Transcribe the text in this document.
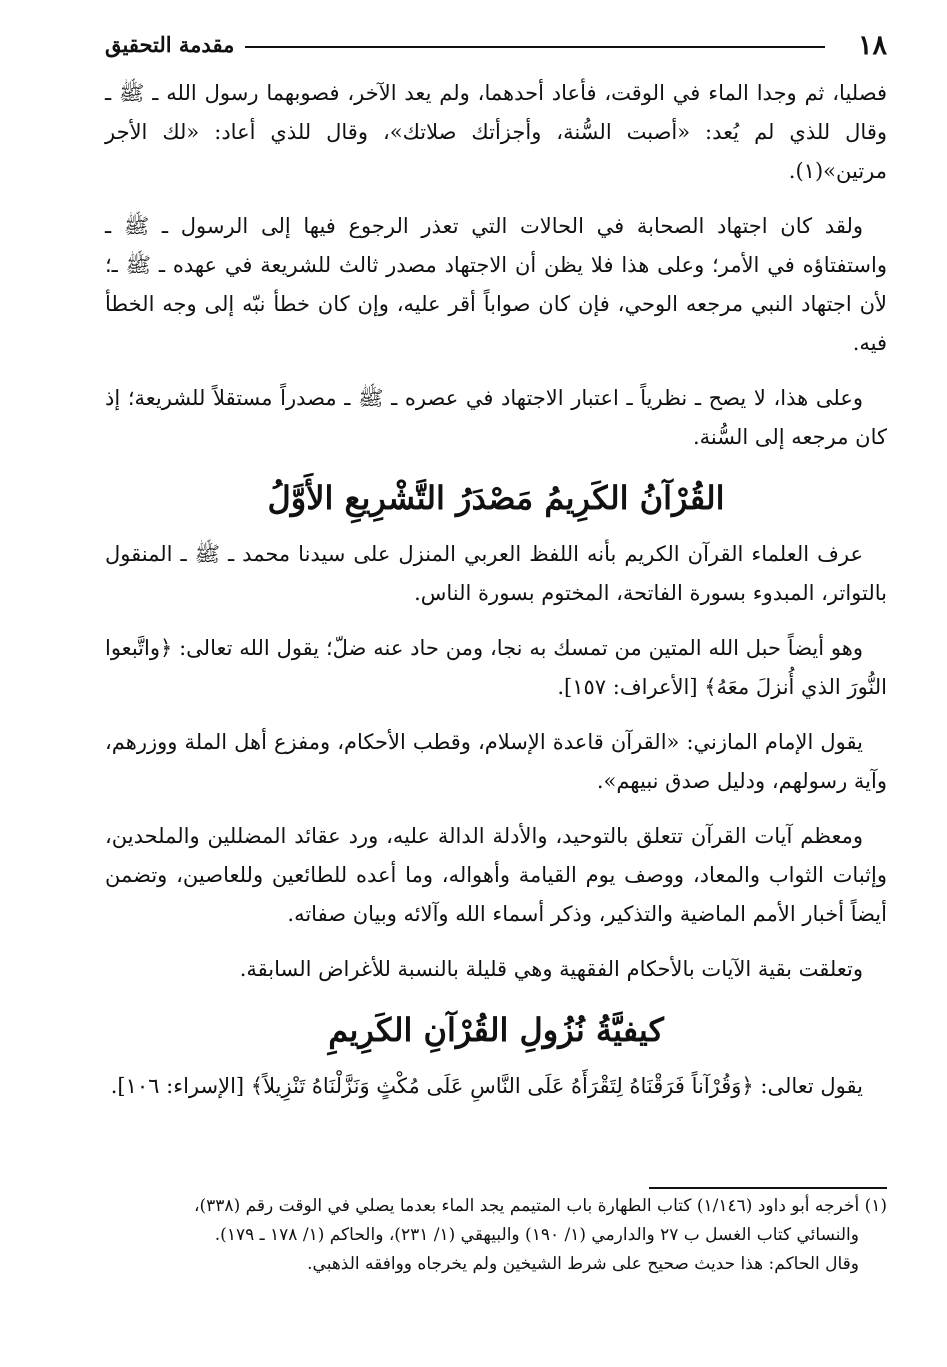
١٨
مقدمة التحقيق

فصليا، ثم وجدا الماء في الوقت، فأعاد أحدهما، ولم يعد الآخر، فصوبهما رسول الله ـ ﷺ ـ وقال للذي لم يُعد: «أصبت السُّنة، وأجزأتك صلاتك»، وقال للذي أعاد: «لك الأجر مرتين»(١).

ولقد كان اجتهاد الصحابة في الحالات التي تعذر الرجوع فيها إلى الرسول ـ ﷺ ـ واستفتاؤه في الأمر؛ وعلى هذا فلا يظن أن الاجتهاد مصدر ثالث للشريعة في عهده ـ ﷺ ـ؛ لأن اجتهاد النبي مرجعه الوحي، فإن كان صواباً أقر عليه، وإن كان خطأ نبّه إلى وجه الخطأ فيه.

وعلى هذا، لا يصح ـ نظرياً ـ اعتبار الاجتهاد في عصره ـ ﷺ ـ مصدراً مستقلاً للشريعة؛ إذ كان مرجعه إلى السُّنة.

القُرْآنُ الكَرِيمُ مَصْدَرُ التَّشْرِيعِ الأَوَّلُ

عرف العلماء القرآن الكريم بأنه اللفظ العربي المنزل على سيدنا محمد ـ ﷺ ـ المنقول بالتواتر، المبدوء بسورة الفاتحة، المختوم بسورة الناس.

وهو أيضاً حبل الله المتين من تمسك به نجا، ومن حاد عنه ضلّ؛ يقول الله تعالى: ﴿واتَّبعوا النُّورَ الذي أُنزلَ معَهُ﴾ [الأعراف: ١٥٧].

يقول الإمام المازني: «القرآن قاعدة الإسلام، وقطب الأحكام، ومفزع أهل الملة ووزرهم، وآية رسولهم، ودليل صدق نبيهم».

ومعظم آيات القرآن تتعلق بالتوحيد، والأدلة الدالة عليه، ورد عقائد المضللين والملحدين، وإثبات الثواب والمعاد، ووصف يوم القيامة وأهواله، وما أعده للطائعين وللعاصين، وتضمن أيضاً أخبار الأمم الماضية والتذكير، وذكر أسماء الله وآلائه وبيان صفاته.

وتعلقت بقية الآيات بالأحكام الفقهية وهي قليلة بالنسبة للأغراض السابقة.

كيفيَّةُ نُزُولِ القُرْآنِ الكَرِيمِ

يقول تعالى: ﴿وَقُرْآناً فَرَقْنَاهُ لِتَقْرَأَهُ عَلَى النَّاسِ عَلَى مُكْثٍ وَنَزَّلْنَاهُ تَنْزِيلاً﴾ [الإسراء: ١٠٦].

(١) أخرجه أبو داود (١/١٤٦) كتاب الطهارة باب المتيمم يجد الماء بعدما يصلي في الوقت رقم (٣٣٨)،
والنسائي كتاب الغسل ب ٢٧ والدارمي (١/ ١٩٠) والبيهقي (١/ ٢٣١)، والحاكم (١/ ١٧٨ ـ ١٧٩).
وقال الحاكم: هذا حديث صحيح على شرط الشيخين ولم يخرجاه ووافقه الذهبي.
